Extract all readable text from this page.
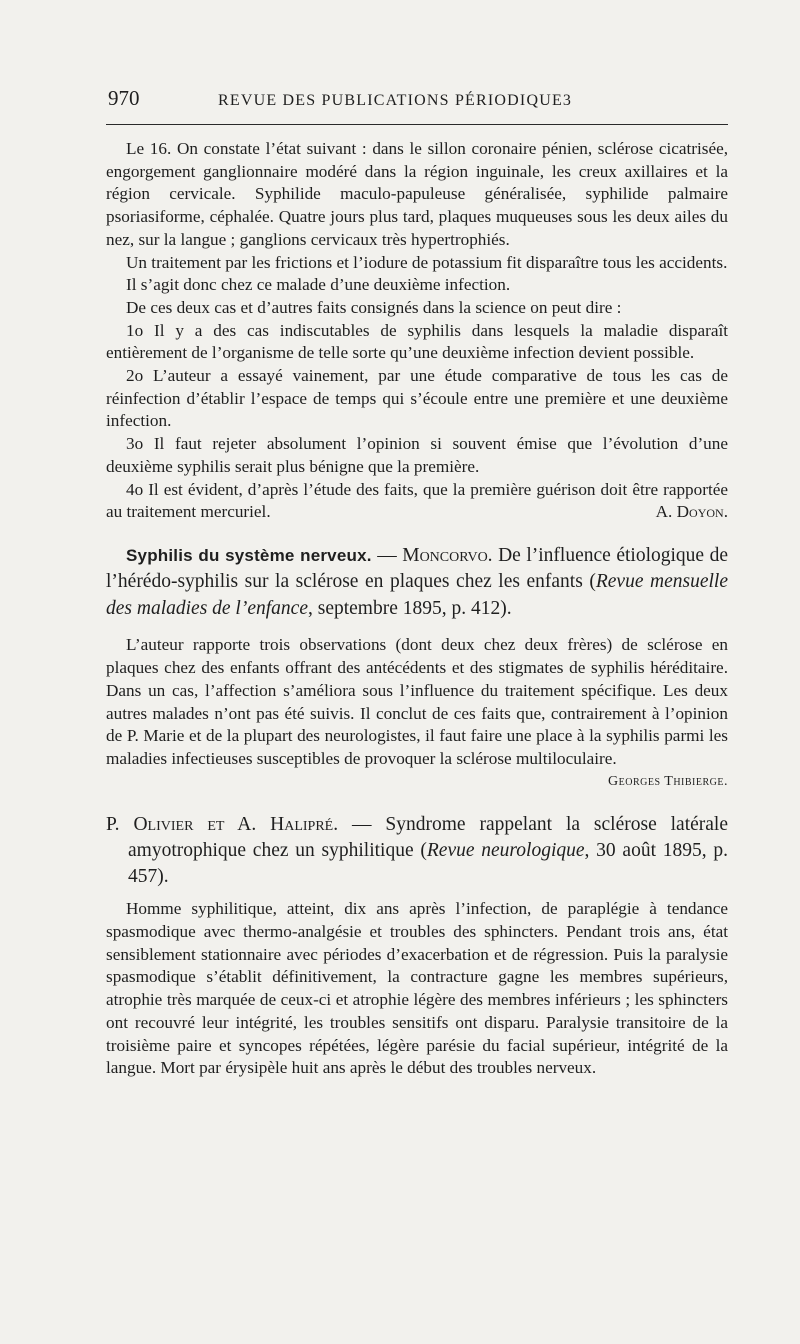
970	REVUE DES PUBLICATIONS PÉRIODIQUE3

Le 16. On constate l’état suivant : dans le sillon coronaire pénien, sclérose cicatrisée, engorgement ganglionnaire modéré dans la région inguinale, les creux axillaires et la région cervicale. Syphilide maculo-papuleuse généralisée, syphilide palmaire psoriasiforme, céphalée. Quatre jours plus tard, plaques muqueuses sous les deux ailes du nez, sur la langue ; ganglions cervicaux très hypertrophiés.

Un traitement par les frictions et l’iodure de potassium fit disparaître tous les accidents.

Il s’agit donc chez ce malade d’une deuxième infection.

De ces deux cas et d’autres faits consignés dans la science on peut dire :

1o Il y a des cas indiscutables de syphilis dans lesquels la maladie disparaît entièrement de l’organisme de telle sorte qu’une deuxième infection devient possible.

2o L’auteur a essayé vainement, par une étude comparative de tous les cas de réinfection d’établir l’espace de temps qui s’écoule entre une première et une deuxième infection.

3o Il faut rejeter absolument l’opinion si souvent émise que l’évolution d’une deuxième syphilis serait plus bénigne que la première.

4o Il est évident, d’après l’étude des faits, que la première guérison doit être rapportée au traitement mercuriel.	A. Doyon.

Syphilis du système nerveux. — Moncorvo. De l’influence étiologique de l’hérédo-syphilis sur la sclérose en plaques chez les enfants (Revue mensuelle des maladies de l’enfance, septembre 1895, p. 412).

L’auteur rapporte trois observations (dont deux chez deux frères) de sclérose en plaques chez des enfants offrant des antécédents et des stigmates de syphilis héréditaire. Dans un cas, l’affection s’améliora sous l’influence du traitement spécifique. Les deux autres malades n’ont pas été suivis. Il conclut de ces faits que, contrairement à l’opinion de P. Marie et de la plupart des neurologistes, il faut faire une place à la syphilis parmi les maladies infectieuses susceptibles de provoquer la sclérose multiloculaire.
Georges Thibierge.

P. Olivier et A. Halipré. — Syndrome rappelant la sclérose latérale amyotrophique chez un syphilitique (Revue neurologique, 30 août 1895, p. 457).

Homme syphilitique, atteint, dix ans après l’infection, de paraplégie à tendance spasmodique avec thermo-analgésie et troubles des sphincters. Pendant trois ans, état sensiblement stationnaire avec périodes d’exacerbation et de régression. Puis la paralysie spasmodique s’établit définitivement, la contracture gagne les membres supérieurs, atrophie très marquée de ceux-ci et atrophie légère des membres inférieurs ; les sphincters ont recouvré leur intégrité, les troubles sensitifs ont disparu. Paralysie transitoire de la troisième paire et syncopes répétées, légère parésie du facial supérieur, intégrité de la langue. Mort par érysipèle huit ans après le début des troubles nerveux.
